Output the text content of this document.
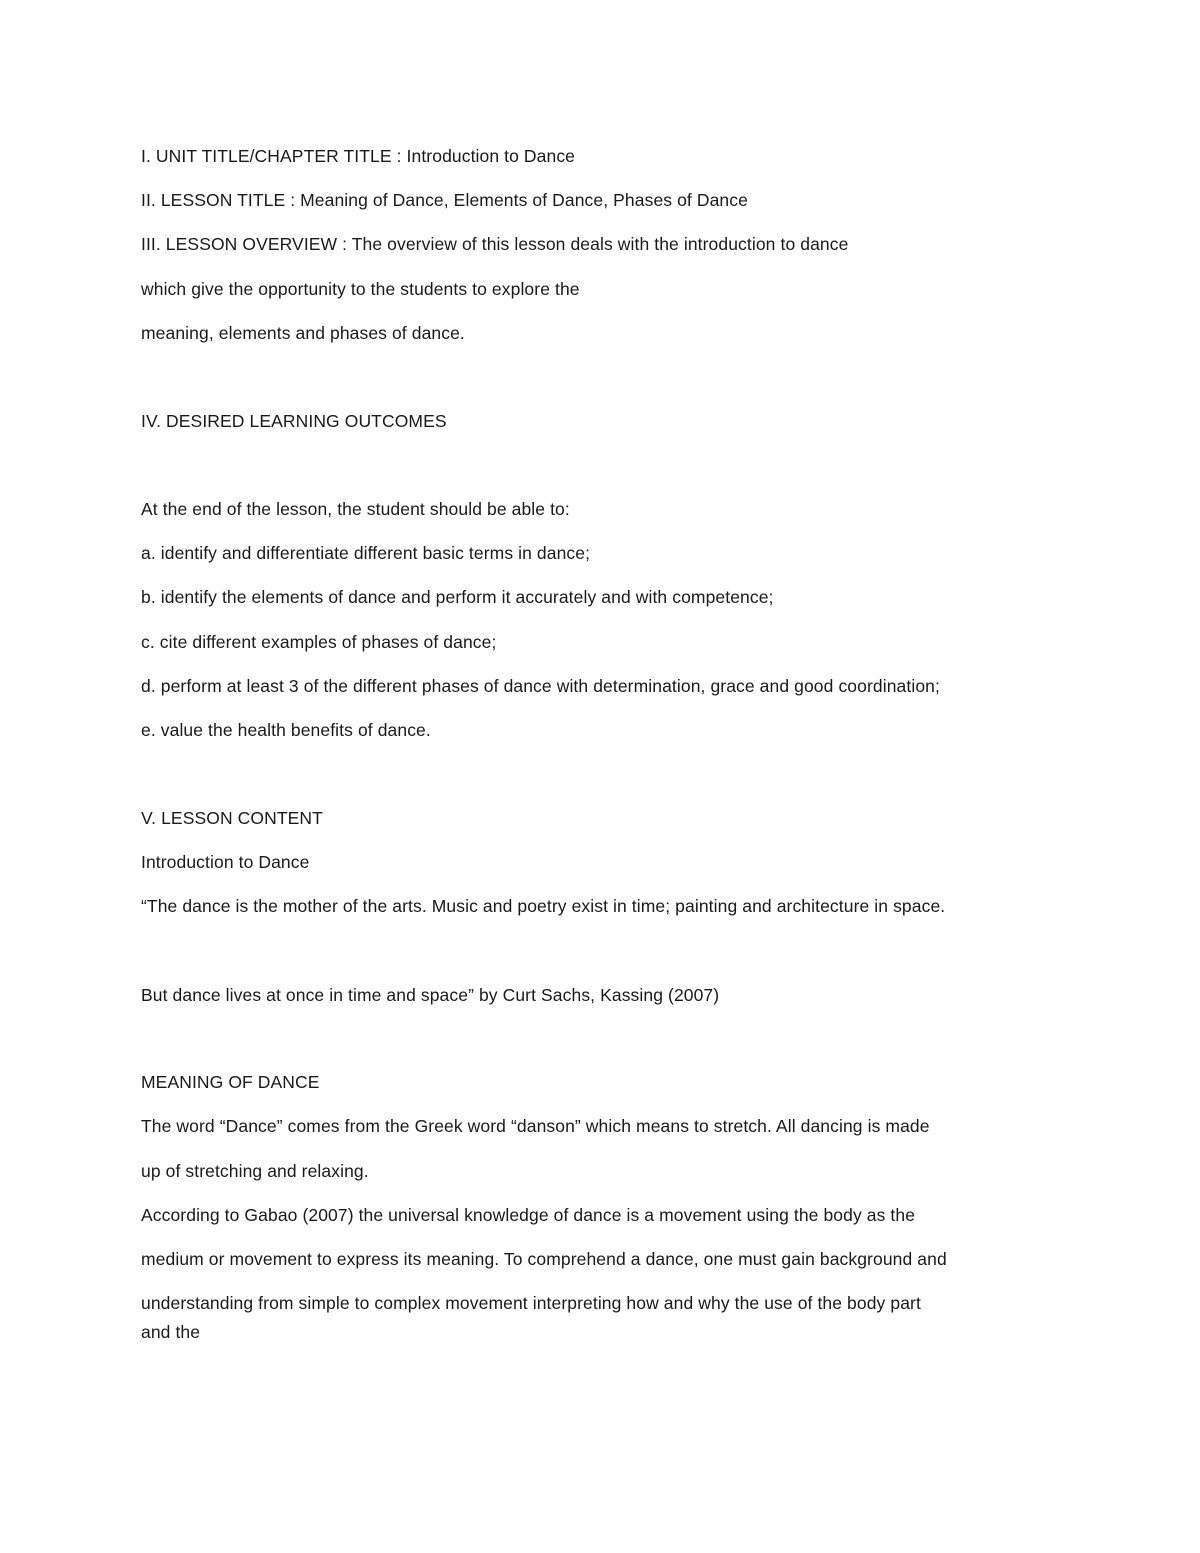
I. UNIT TITLE/CHAPTER TITLE : Introduction to Dance

II. LESSON TITLE : Meaning of Dance, Elements of Dance, Phases of Dance

III. LESSON OVERVIEW : The overview of this lesson deals with the introduction to dance

which give the opportunity to the students to explore the

meaning, elements and phases of dance.

IV. DESIRED LEARNING OUTCOMES

At the end of the lesson, the student should be able to:

a. identify and differentiate different basic terms in dance;

b. identify the elements of dance and perform it accurately and with competence;

c. cite different examples of phases of dance;

d. perform at least 3 of the different phases of dance with determination, grace and good coordination;

e. value the health benefits of dance.

V. LESSON CONTENT

Introduction to Dance

“The dance is the mother of the arts. Music and poetry exist in time; painting and architecture in space.

But dance lives at once in time and space” by Curt Sachs, Kassing (2007)

MEANING OF DANCE

The word “Dance” comes from the Greek word “danson” which means to stretch. All dancing is made

up of stretching and relaxing.

According to Gabao (2007) the universal knowledge of dance is a movement using the body as the

medium or movement to express its meaning. To comprehend a dance, one must gain background and

understanding from simple to complex movement interpreting how and why the use of the body part

and the
